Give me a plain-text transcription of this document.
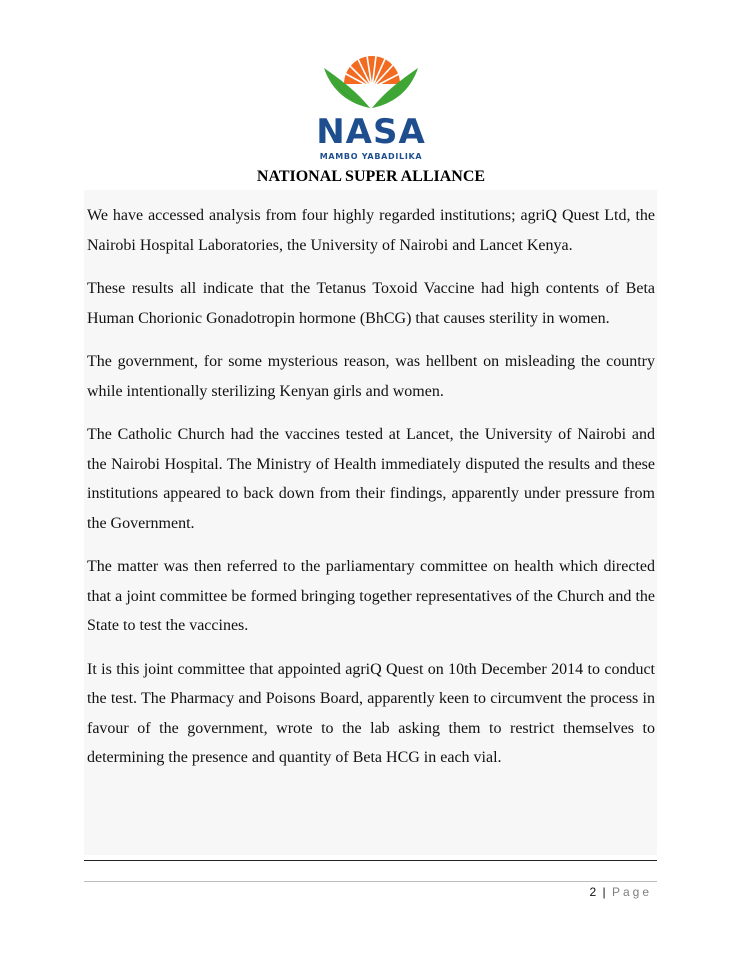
NASA
MAMBO YABADILIKA
NATIONAL SUPER ALLIANCE

We have accessed analysis from four highly regarded institutions; agriQ Quest Ltd, the Nairobi Hospital Laboratories, the University of Nairobi and Lancet Kenya.

These results all indicate that the Tetanus Toxoid Vaccine had high contents of Beta Human Chorionic Gonadotropin hormone (BhCG) that causes sterility in women.

The government, for some mysterious reason, was hellbent on misleading the country while intentionally sterilizing Kenyan girls and women.

The Catholic Church had the vaccines tested at Lancet, the University of Nairobi and the Nairobi Hospital. The Ministry of Health immediately disputed the results and these institutions appeared to back down from their findings, apparently under pressure from the Government.

The matter was then referred to the parliamentary committee on health which directed that a joint committee be formed bringing together representatives of the Church and the State to test the vaccines.

It is this joint committee that appointed agriQ Quest on 10th December 2014 to conduct the test. The Pharmacy and Poisons Board, apparently keen to circumvent the process in favour of the government, wrote to the lab asking them to restrict themselves to determining the presence and quantity of Beta HCG in each vial.

2 | Page
